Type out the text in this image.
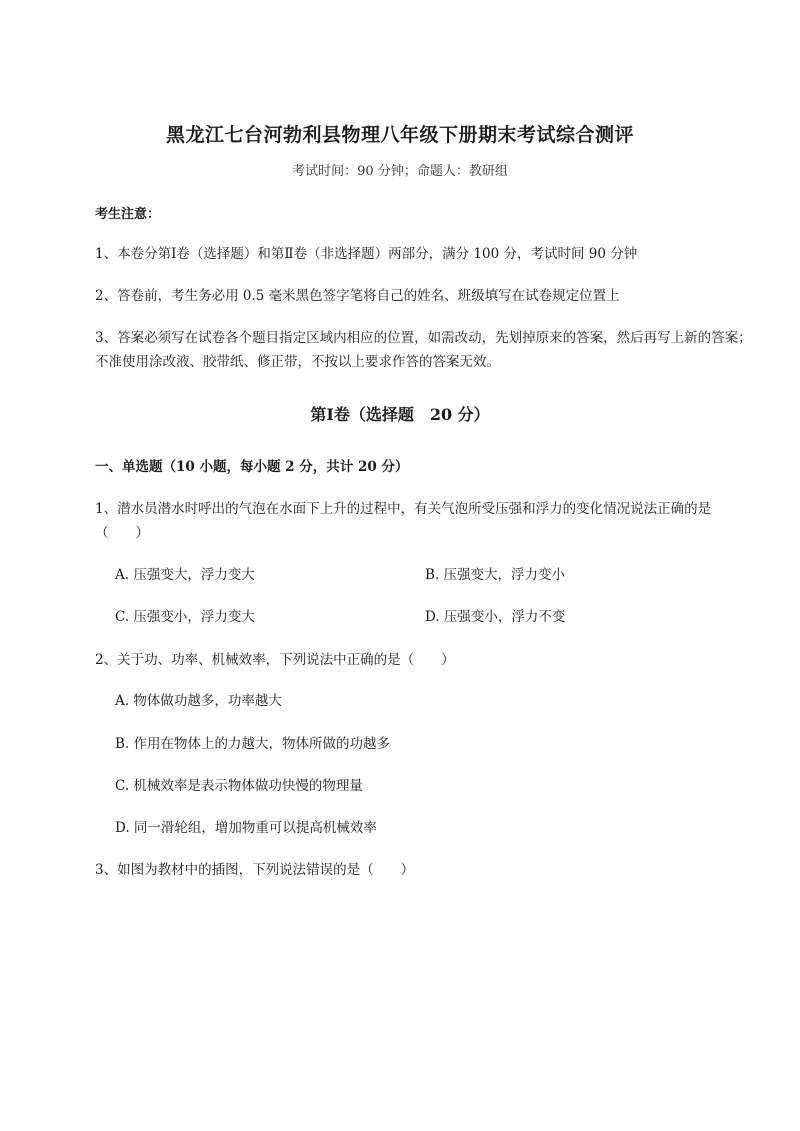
黑龙江七台河勃利县物理八年级下册期末考试综合测评
考试时间：90 分钟；命题人：教研组
考生注意：
1、本卷分第Ⅰ卷（选择题）和第Ⅱ卷（非选择题）两部分，满分 100 分，考试时间 90 分钟
2、答卷前，考生务必用 0.5 毫米黑色签字笔将自己的姓名、班级填写在试卷规定位置上
3、答案必须写在试卷各个题目指定区域内相应的位置，如需改动，先划掉原来的答案，然后再写上新的答案；不准使用涂改液、胶带纸、修正带，不按以上要求作答的答案无效。
第Ⅰ卷（选择题　20 分）
一、单选题（10 小题，每小题 2 分，共计 20 分）
1、潜水员潜水时呼出的气泡在水面下上升的过程中，有关气泡所受压强和浮力的变化情况说法正确的是（　　）
A. 压强变大，浮力变大	B. 压强变大，浮力变小
C. 压强变小，浮力变大	D. 压强变小，浮力不变
2、关于功、功率、机械效率，下列说法中正确的是（　　）
A. 物体做功越多，功率越大
B. 作用在物体上的力越大，物体所做的功越多
C. 机械效率是表示物体做功快慢的物理量
D. 同一滑轮组，增加物重可以提高机械效率
3、如图为教材中的插图，下列说法错误的是（　　）
